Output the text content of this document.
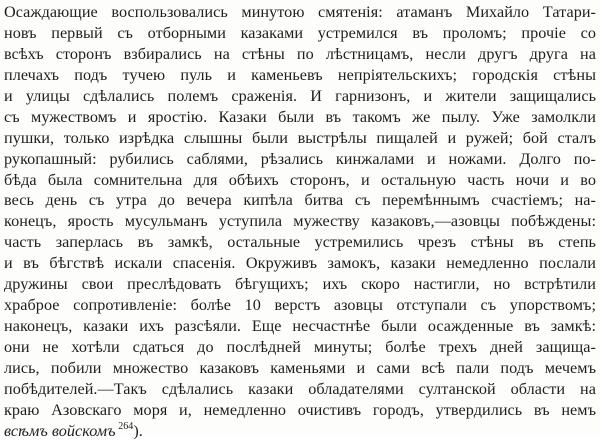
Осаждающие воспользовались минутою смятенія: атаманъ Михайло Татари-
новъ первый съ отборными казаками устремился въ проломъ; прочіе со
всѣхъ сторонъ взбирались на стѣны по лѣстницамъ, несли другъ друга на
плечахъ подъ тучею пуль и каменьевъ непріятельскихъ; городскія стѣны
и улицы сдѣлались полемъ сраженія. И гарнизонъ, и жители защищались
съ мужествомъ и яростію. Казаки были въ такомъ же пылу. Уже замолкли
пушки, только изрѣдка слышны были выстрѣлы пищалей и ружей; бой сталъ
рукопашный: рубились саблями, рѣзались кинжалами и ножами. Долго по-
бѣда была сомнительна для обѣихъ сторонъ, и остальную часть ночи и во
весь день съ утра до вечера кипѣла битва съ перемѣннымъ счастіемъ; на-
конецъ, ярость мусульманъ уступила мужеству казаковъ,—азовцы побѣждены:
часть заперлась въ замкѣ, остальные устремились чрезъ стѣны въ степь
и въ бѣгствѣ искали спасенія. Окруживъ замокъ, казаки немедленно послали
дружины свои преслѣдовать бѣгущихъ; ихъ скоро настигли, но встрѣтили
храброе сопротивленіе: болѣе 10 верстъ азовцы отступали съ упорствомъ;
наконецъ, казаки ихъ разсѣяли. Еще несчастнѣе были осажденные въ замкѣ:
они не хотѣли сдаться до послѣдней минуты; болѣе трехъ дней защища-
лись, побили множество казаковъ каменьями и сами всѣ пали подъ мечемъ
побѣдителей.—Такъ сдѣлались казаки обладателями султанской области на
краю Азовскаго моря и, немедленно очистивъ городъ, утвердились въ немъ
всѣмъ войскомъ $^{264}$).
